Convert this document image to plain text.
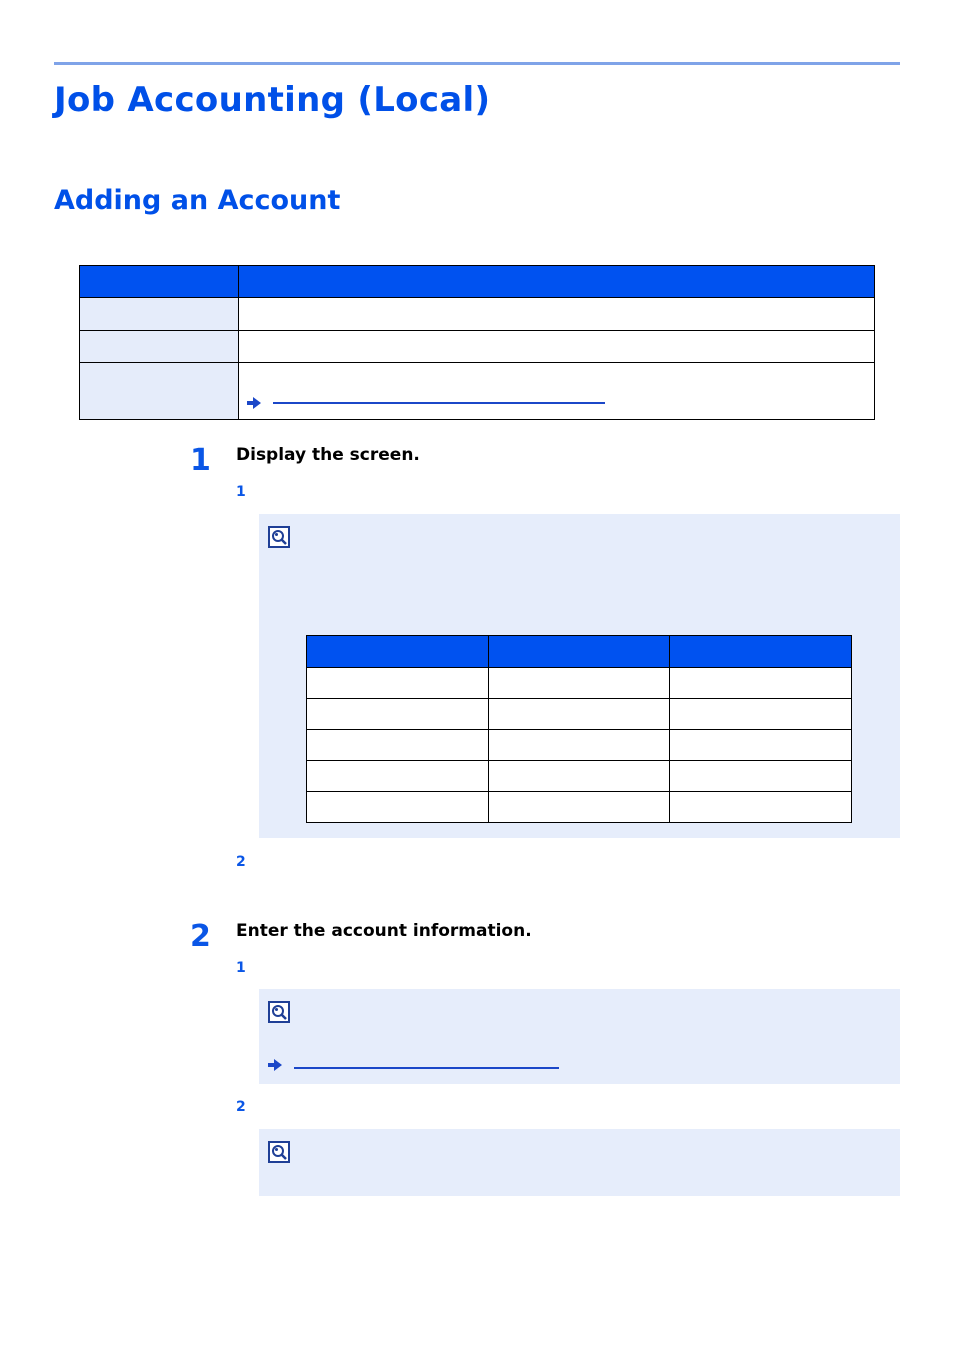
Job Accounting (Local)
Adding an Account

1 Display the screen.
1

2
2 Enter the account information.
1
2
